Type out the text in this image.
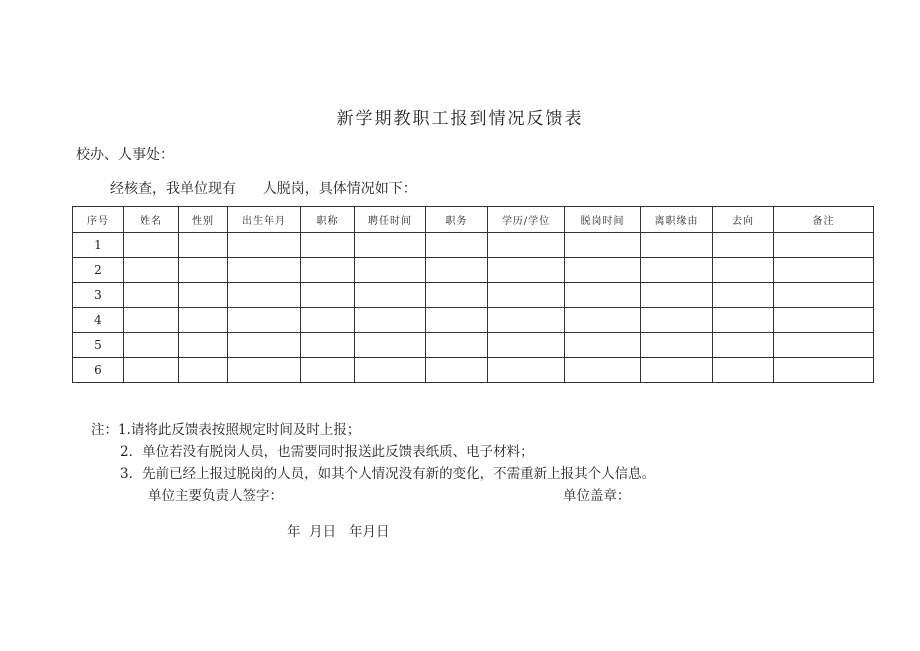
新学期教职工报到情况反馈表
校办、人事处：
经核查，我单位现有      人脱岗，具体情况如下：
序号	姓名	性别	出生年月	职称	聘任时间	职务	学历/学位	脱岗时间	离职缘由	去向	备注
1											
2											
3											
4											
5											
6											
注：1.请将此反馈表按照规定时间及时上报；
2．单位若没有脱岗人员，也需要同时报送此反馈表纸质、电子材料；
3．先前已经上报过脱岗的人员，如其个人情况没有新的变化，不需重新上报其个人信息。
单位主要负责人签字：	单位盖章：
年  月日   年月日
